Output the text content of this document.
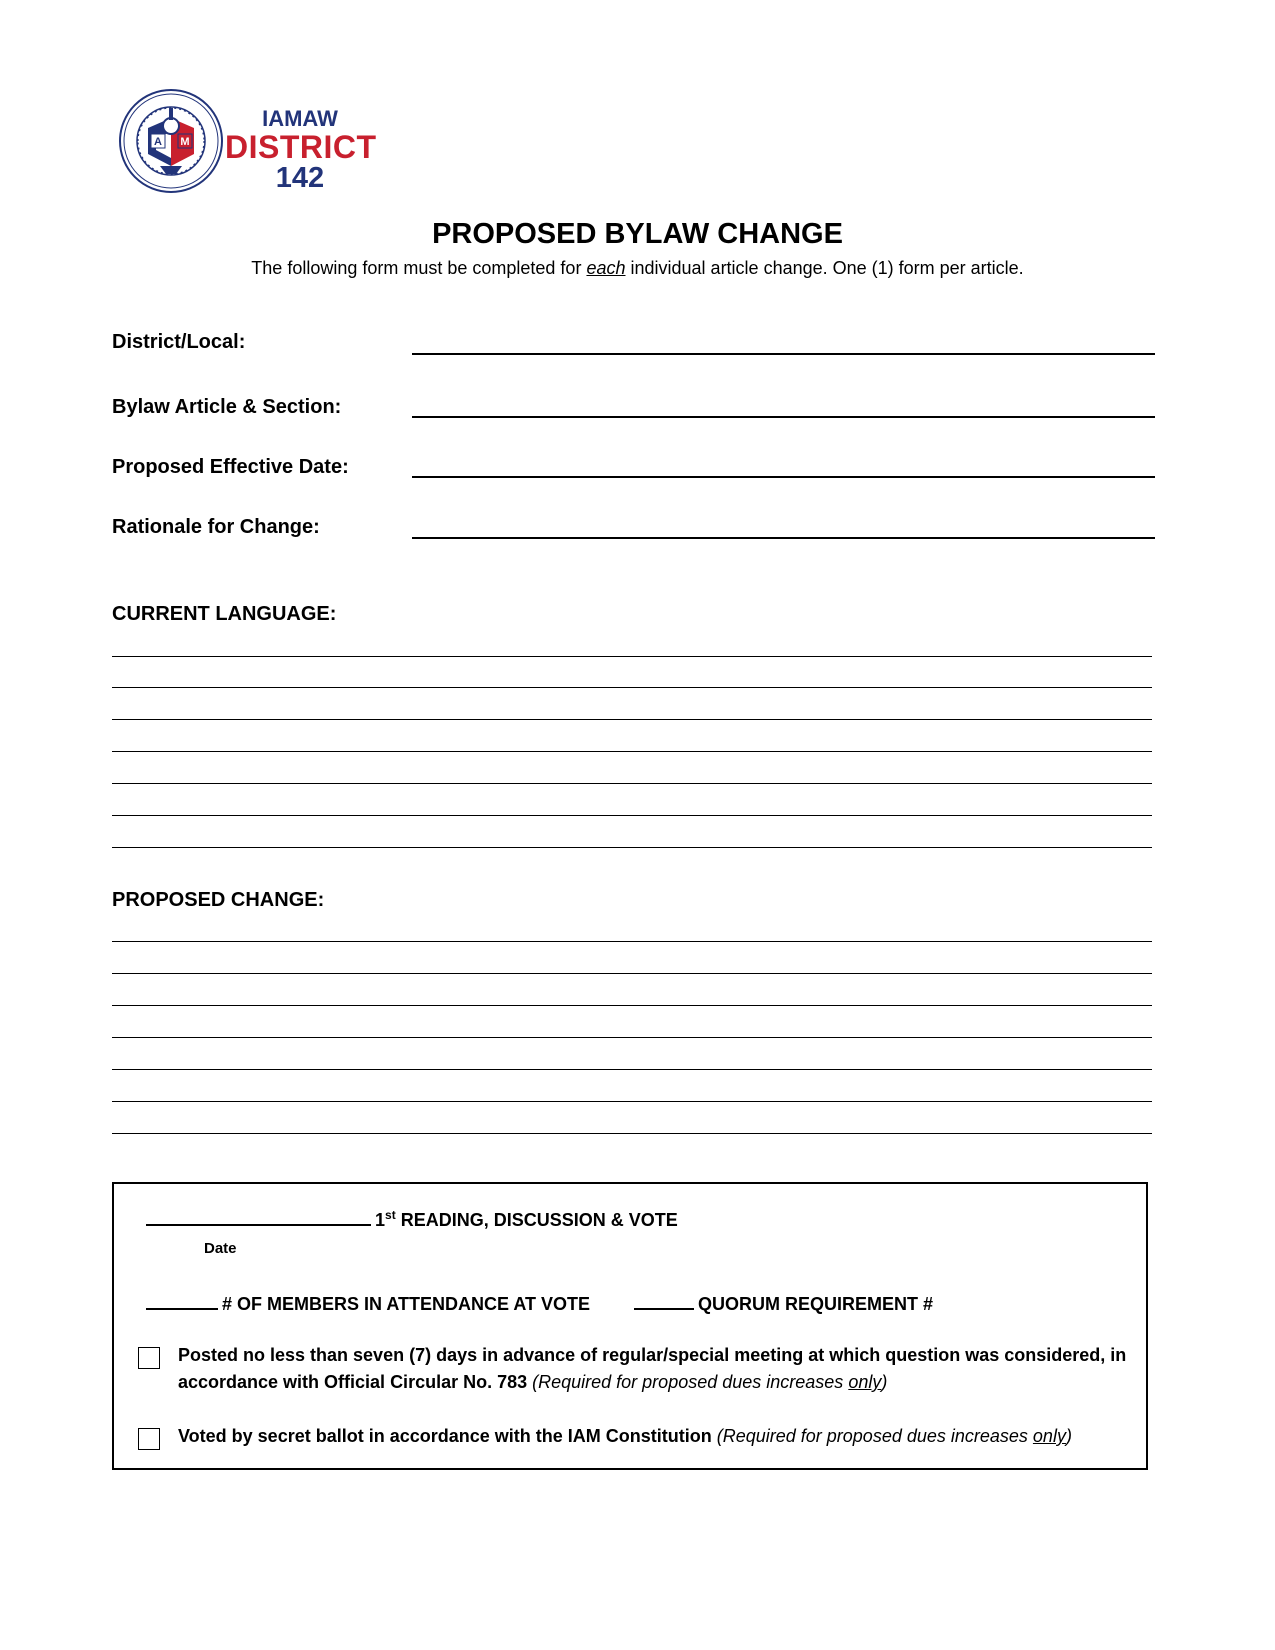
A M
IAMAW
DISTRICT
142
PROPOSED BYLAW CHANGE
The following form must be completed for each individual article change. One (1) form per article.
District/Local:
Bylaw Article & Section:
Proposed Effective Date:
Rationale for Change:
CURRENT LANGUAGE:
PROPOSED CHANGE:
1st READING, DISCUSSION & VOTE
Date
# OF MEMBERS IN ATTENDANCE AT VOTE	QUORUM REQUIREMENT #
Posted no less than seven (7) days in advance of regular/special meeting at which question was considered, in
accordance with Official Circular No. 783 (Required for proposed dues increases only)
Voted by secret ballot in accordance with the IAM Constitution (Required for proposed dues increases only)
